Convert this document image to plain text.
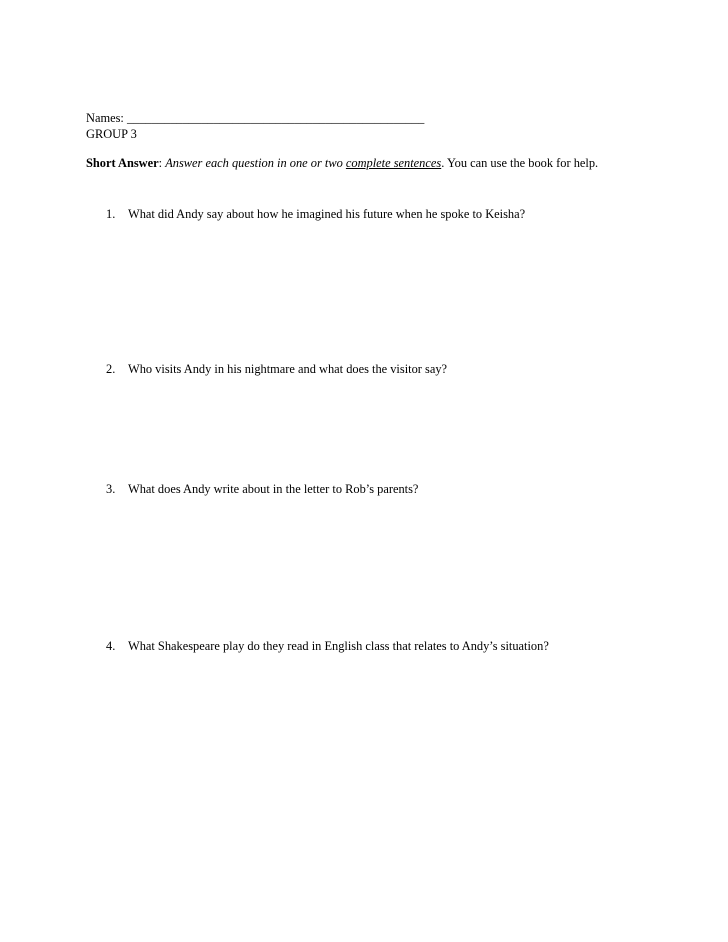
Names: ________________________________________________
GROUP 3
Short Answer: Answer each question in one or two complete sentences. You can use the book for help.
1. What did Andy say about how he imagined his future when he spoke to Keisha?
2. Who visits Andy in his nightmare and what does the visitor say?
3. What does Andy write about in the letter to Rob’s parents?
4. What Shakespeare play do they read in English class that relates to Andy’s situation?
